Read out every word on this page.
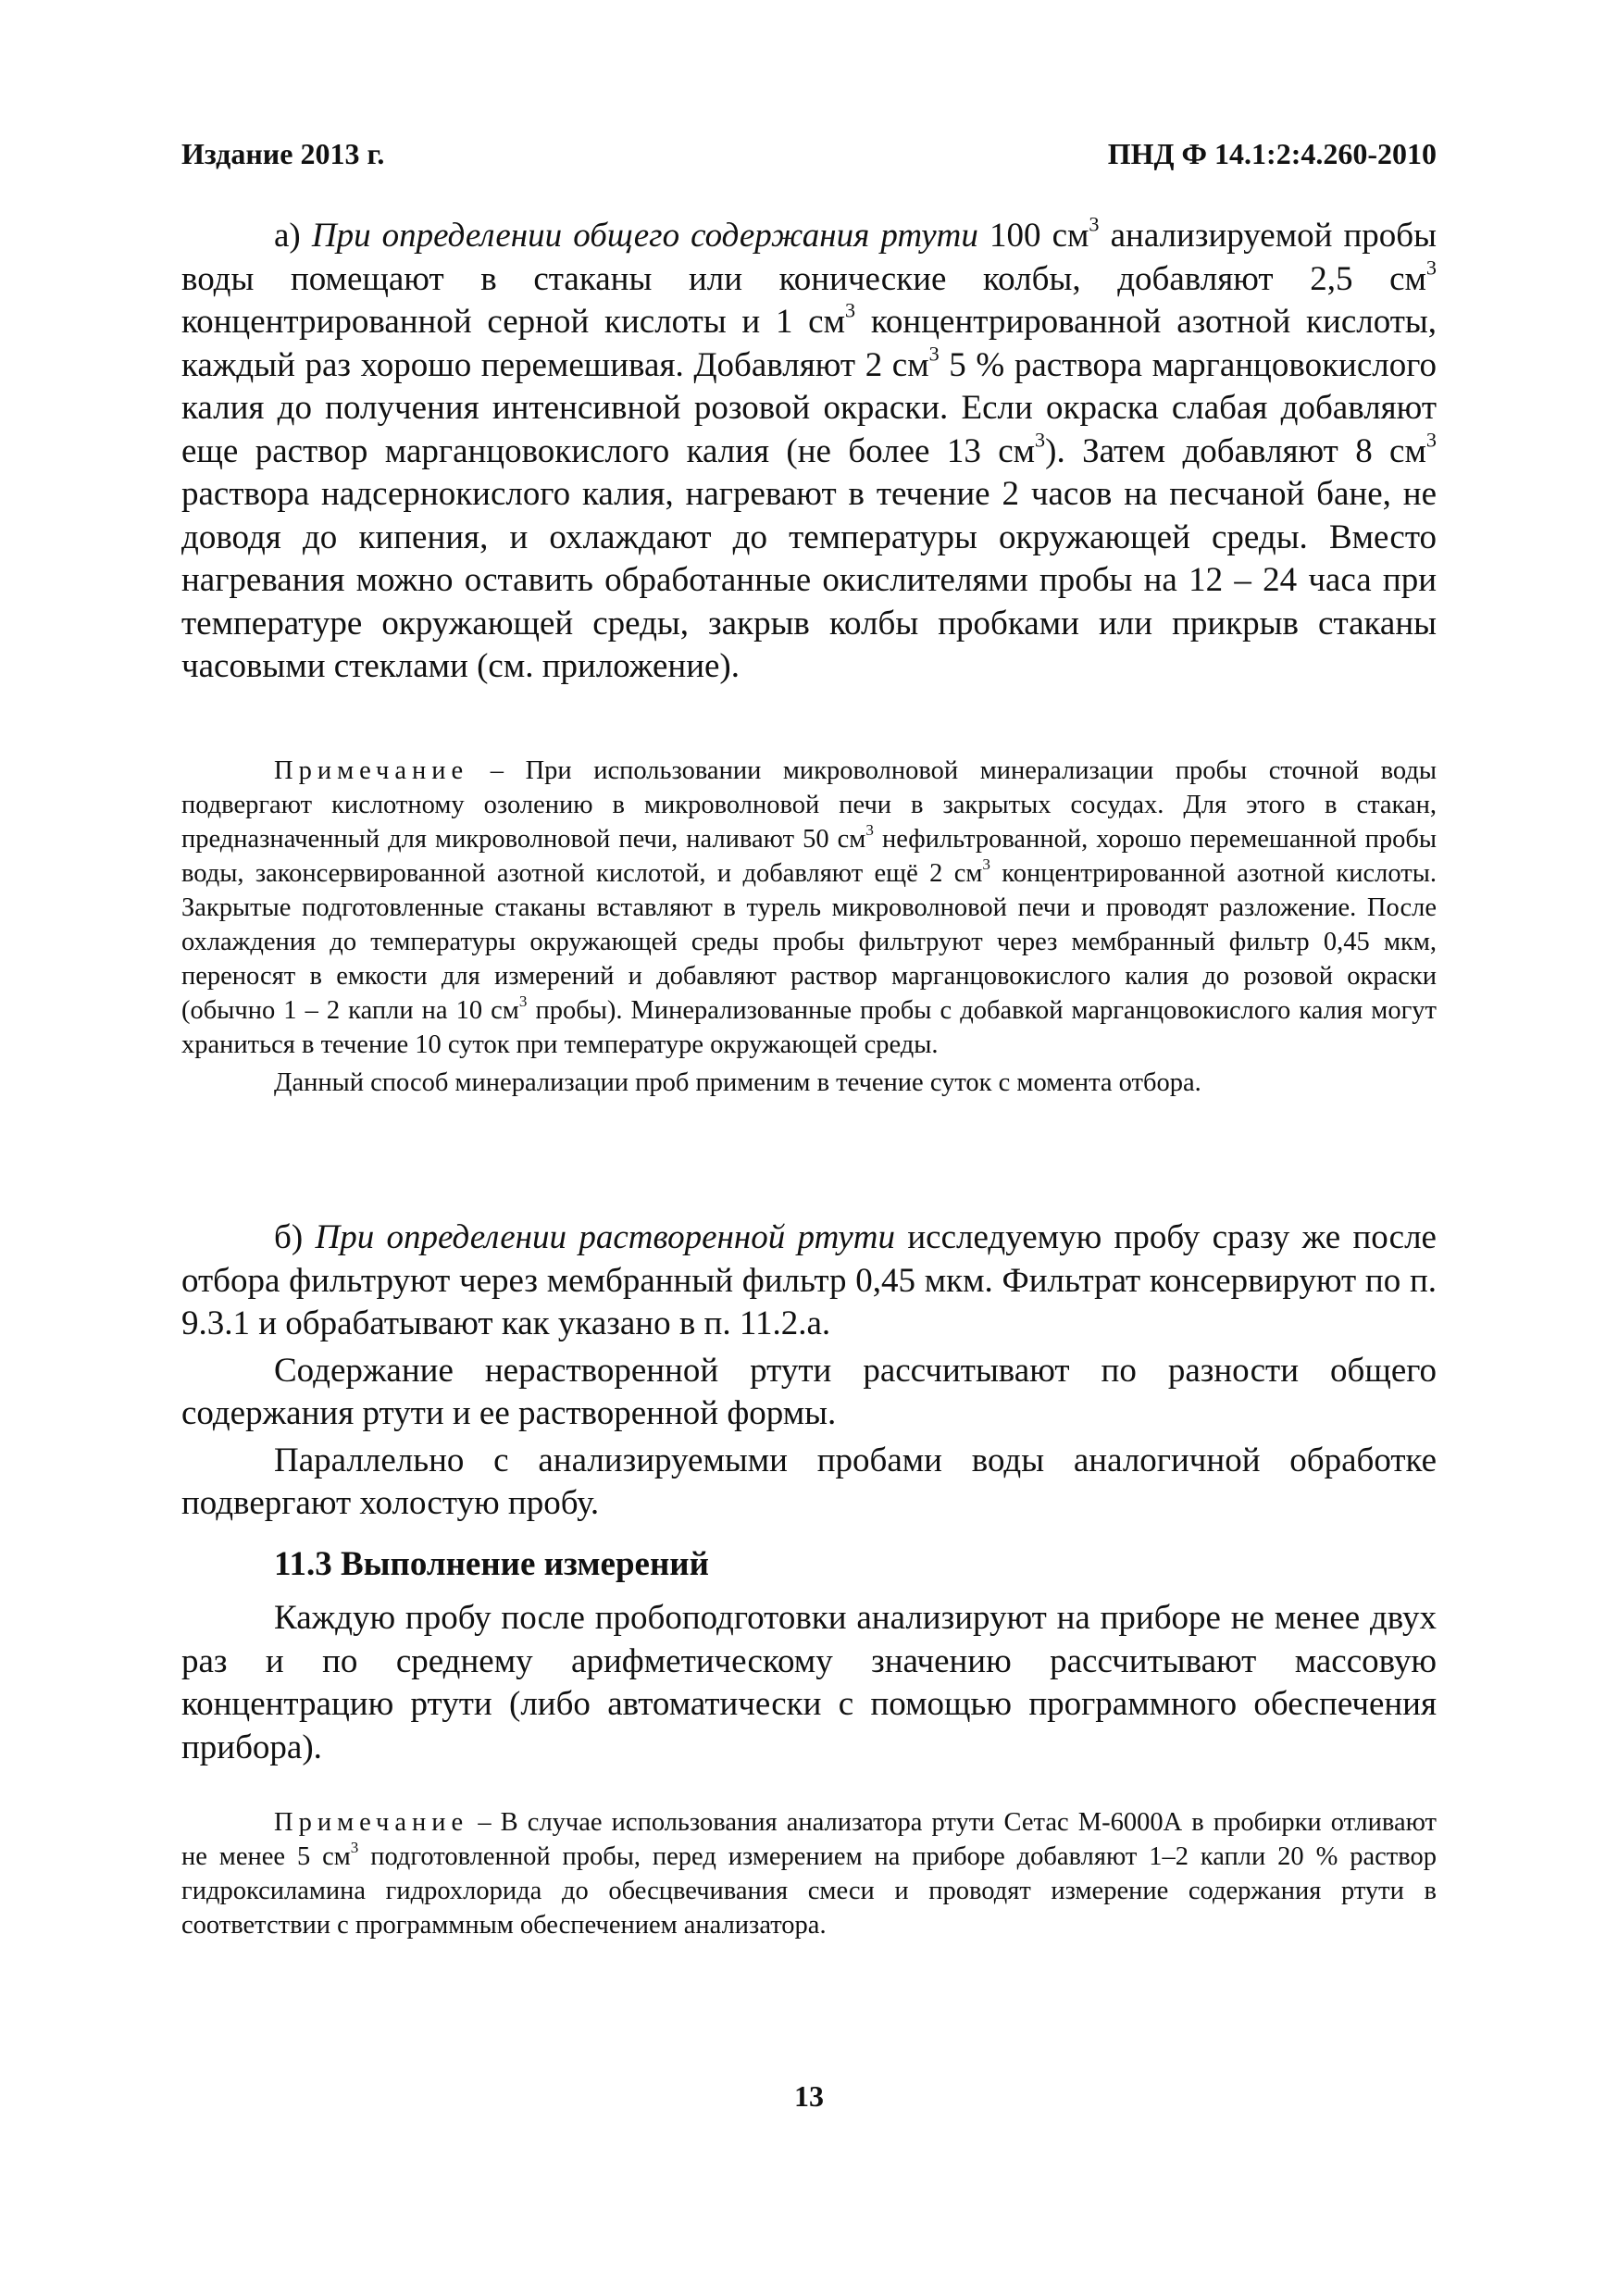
Издание 2013 г.	ПНД Ф 14.1:2:4.260-2010

а) При определении общего содержания ртути 100 $см^3$ анализируемой пробы воды помещают в стаканы или конические колбы, добавляют 2,5 $см^3$ концентрированной серной кислоты и 1 $см^3$ концентрированной азотной кислоты, каждый раз хорошо перемешивая. Добавляют 2 $см^3$ 5 % раствора марганцовокислого калия до получения интенсивной розовой окраски. Если окраска слабая добавляют еще раствор марганцовокислого калия (не более 13 $см^3$). Затем добавляют 8 $см^3$ раствора надсернокислого калия, нагревают в течение 2 часов на песчаной бане, не доводя до кипения, и охлаждают до температуры окружающей среды. Вместо нагревания можно оставить обработанные окислителями пробы на 12 – 24 часа при температуре окружающей среды, закрыв колбы пробками или прикрыв стаканы часовыми стеклами (см. приложение).

Примечание – При использовании микроволновой минерализации пробы сточной воды подвергают кислотному озолению в микроволновой печи в закрытых сосудах. Для этого в стакан, предназначенный для микроволновой печи, наливают 50 $см^3$ нефильтрованной, хорошо перемешанной пробы воды, законсервированной азотной кислотой, и добавляют ещё 2 $см^3$ концентрированной азотной кислоты. Закрытые подготовленные стаканы вставляют в турель микроволновой печи и проводят разложение. После охлаждения до температуры окружающей среды пробы фильтруют через мембранный фильтр 0,45 мкм, переносят в емкости для измерений и добавляют раствор марганцовокислого калия до розовой окраски (обычно 1 – 2 капли на 10 $см^3$ пробы). Минерализованные пробы с добавкой марганцовокислого калия могут храниться в течение 10 суток при температуре окружающей среды.

Данный способ минерализации проб применим в течение суток с момента отбора.

б) При определении растворенной ртути исследуемую пробу сразу же после отбора фильтруют через мембранный фильтр 0,45 мкм. Фильтрат консервируют по п. 9.3.1 и обрабатывают как указано в п. 11.2.а.

Содержание нерастворенной ртути рассчитывают по разности общего содержания ртути и ее растворенной формы.

Параллельно с анализируемыми пробами воды аналогичной обработке подвергают холостую пробу.

11.3 Выполнение измерений

Каждую пробу после пробоподготовки анализируют на приборе не менее двух раз и по среднему арифметическому значению рассчитывают массовую концентрацию ртути (либо автоматически с помощью программного обеспечения прибора).

Примечание – В случае использования анализатора ртути Сетас М-6000А в пробирки отливают не менее 5 $см^3$ подготовленной пробы, перед измерением на приборе добавляют 1–2 капли 20 % раствор гидроксиламина гидрохлорида до обесцвечивания смеси и проводят измерение содержания ртути в соответствии с программным обеспечением анализатора.

13
